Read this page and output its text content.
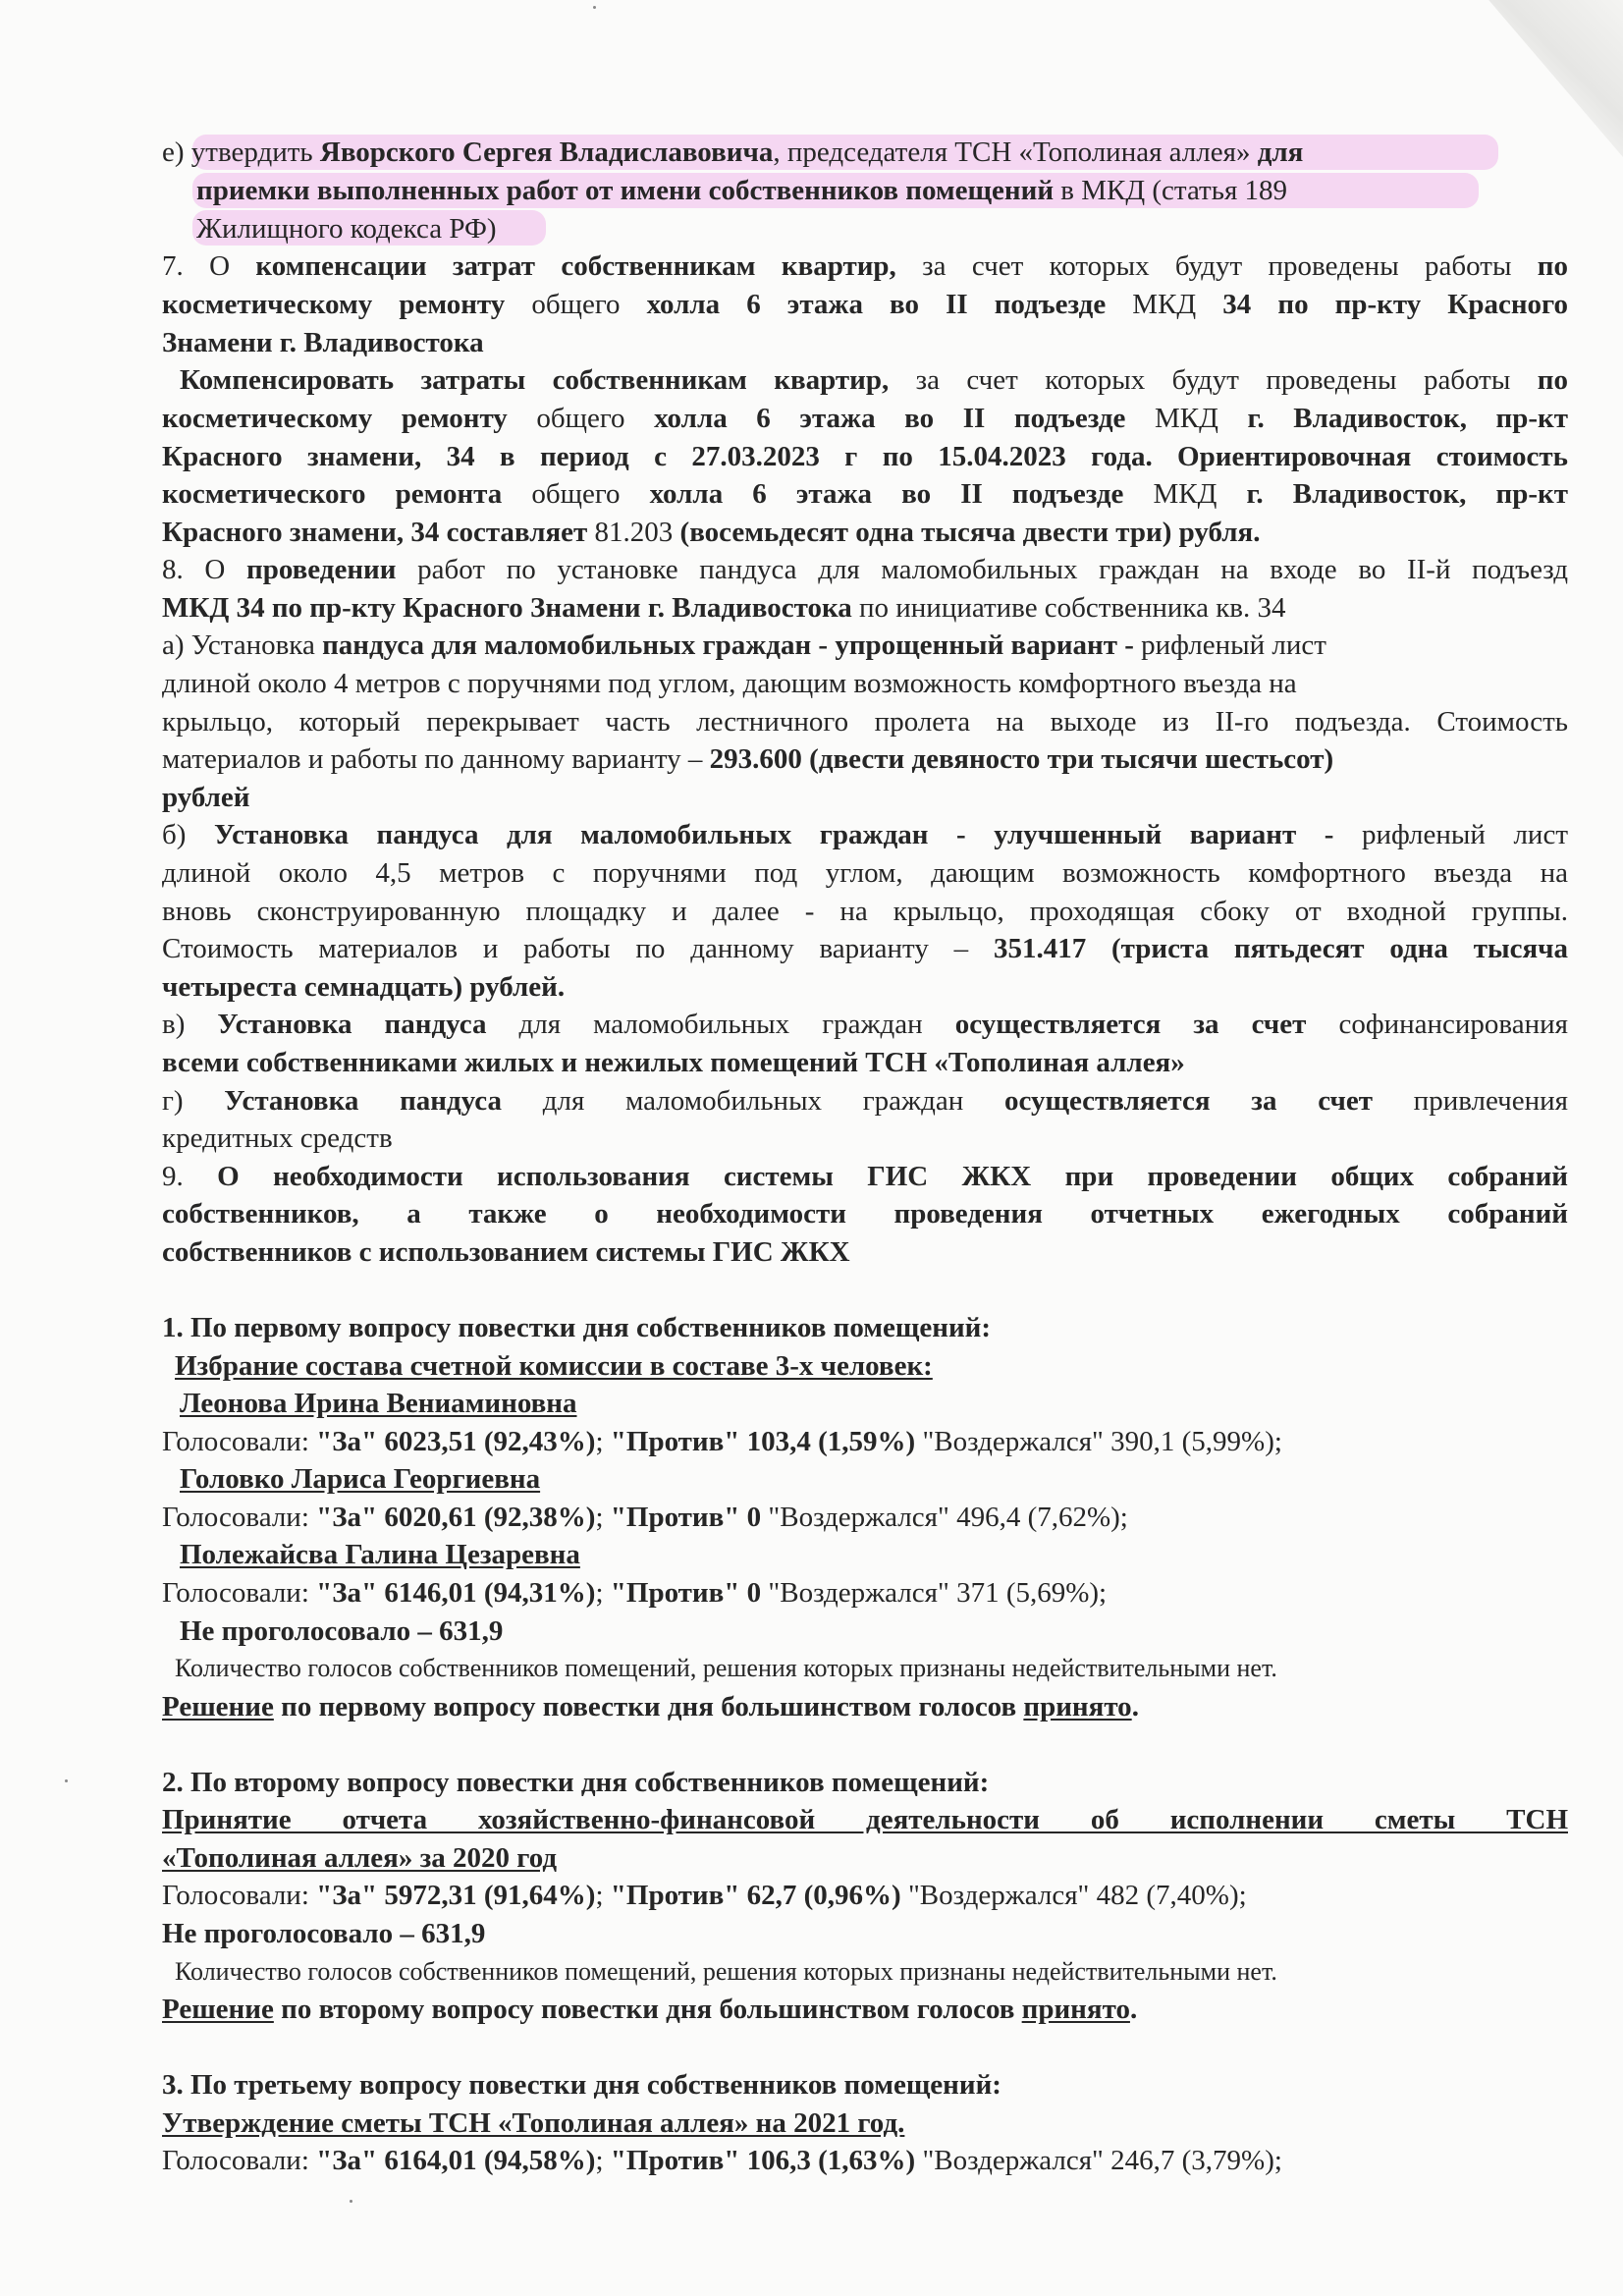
е) утвердить Яворского Сергея Владиславовича, председателя ТСН «Тополиная аллея» для
приемки выполненных работ от имени собственников помещений в МКД (статья 189
Жилищного кодекса РФ)
7. О компенсации затрат собственникам квартир, за счет которых будут проведены работы по
косметическому ремонту общего холла 6 этажа во II подъезде МКД 34 по пр-кту Красного
Знамени г. Владивостока
Компенсировать затраты собственникам квартир, за счет которых будут проведены работы по
косметическому ремонту общего холла 6 этажа во II подъезде МКД г. Владивосток, пр-кт
Красного знамени, 34 в период с 27.03.2023 г по 15.04.2023 года. Ориентировочная стоимость
косметического ремонта общего холла 6 этажа во II подъезде МКД г. Владивосток, пр-кт
Красного знамени, 34 составляет 81.203 (восемьдесят одна тысяча двести три) рубля.
8. О проведении работ по установке пандуса для маломобильных граждан на входе во II-й подъезд
МКД 34 по пр-кту Красного Знамени г. Владивостока по инициативе собственника кв. 34
а) Установка пандуса для маломобильных граждан - упрощенный вариант - рифленый лист
длиной около 4 метров с поручнями под углом, дающим возможность комфортного въезда на
крыльцо, который перекрывает часть лестничного пролета на выходе из II-го подъезда. Стоимость
материалов и работы по данному варианту – 293.600 (двести девяносто три тысячи шестьсот)
рублей
б) Установка пандуса для маломобильных граждан - улучшенный вариант - рифленый лист
длиной около 4,5 метров с поручнями под углом, дающим возможность комфортного въезда на
вновь сконструированную площадку и далее - на крыльцо, проходящая сбоку от входной группы.
Стоимость материалов и работы по данному варианту – 351.417 (триста пятьдесят одна тысяча
четыреста семнадцать) рублей.
в) Установка пандуса для маломобильных граждан осуществляется за счет софинансирования
всеми собственниками жилых и нежилых помещений ТСН «Тополиная аллея»
г) Установка пандуса для маломобильных граждан осуществляется за счет привлечения
кредитных средств
9. О необходимости использования системы ГИС ЖКХ при проведении общих собраний
собственников, а также о необходимости проведения отчетных ежегодных собраний
собственников с использованием системы ГИС ЖКХ
1. По первому вопросу повестки дня собственников помещений:
Избрание состава счетной комиссии в составе 3-х человек:
Леонова Ирина Вениаминовна
Голосовали: "За" 6023,51 (92,43%); "Против" 103,4 (1,59%) "Воздержался" 390,1 (5,99%);
Головко Лариса Георгиевна
Голосовали: "За" 6020,61 (92,38%); "Против" 0 "Воздержался" 496,4 (7,62%);
Полежайсва Галина Цезаревна
Голосовали: "За" 6146,01 (94,31%); "Против" 0 "Воздержался" 371 (5,69%);
Не проголосовало – 631,9
Количество голосов собственников помещений, решения которых признаны недействительными нет.
Решение по первому вопросу повестки дня большинством голосов принято.
2. По второму вопросу повестки дня собственников помещений:
Принятие отчета хозяйственно-финансовой деятельности об исполнении сметы ТСН
«Тополиная аллея» за 2020 год
Голосовали: "За" 5972,31 (91,64%); "Против" 62,7 (0,96%) "Воздержался" 482 (7,40%);
Не проголосовало – 631,9
Количество голосов собственников помещений, решения которых признаны недействительными нет.
Решение по второму вопросу повестки дня большинством голосов принято.
3. По третьему вопросу повестки дня собственников помещений:
Утверждение сметы ТСН «Тополиная аллея» на 2021 год.
Голосовали: "За" 6164,01 (94,58%); "Против" 106,3 (1,63%) "Воздержался" 246,7 (3,79%);
